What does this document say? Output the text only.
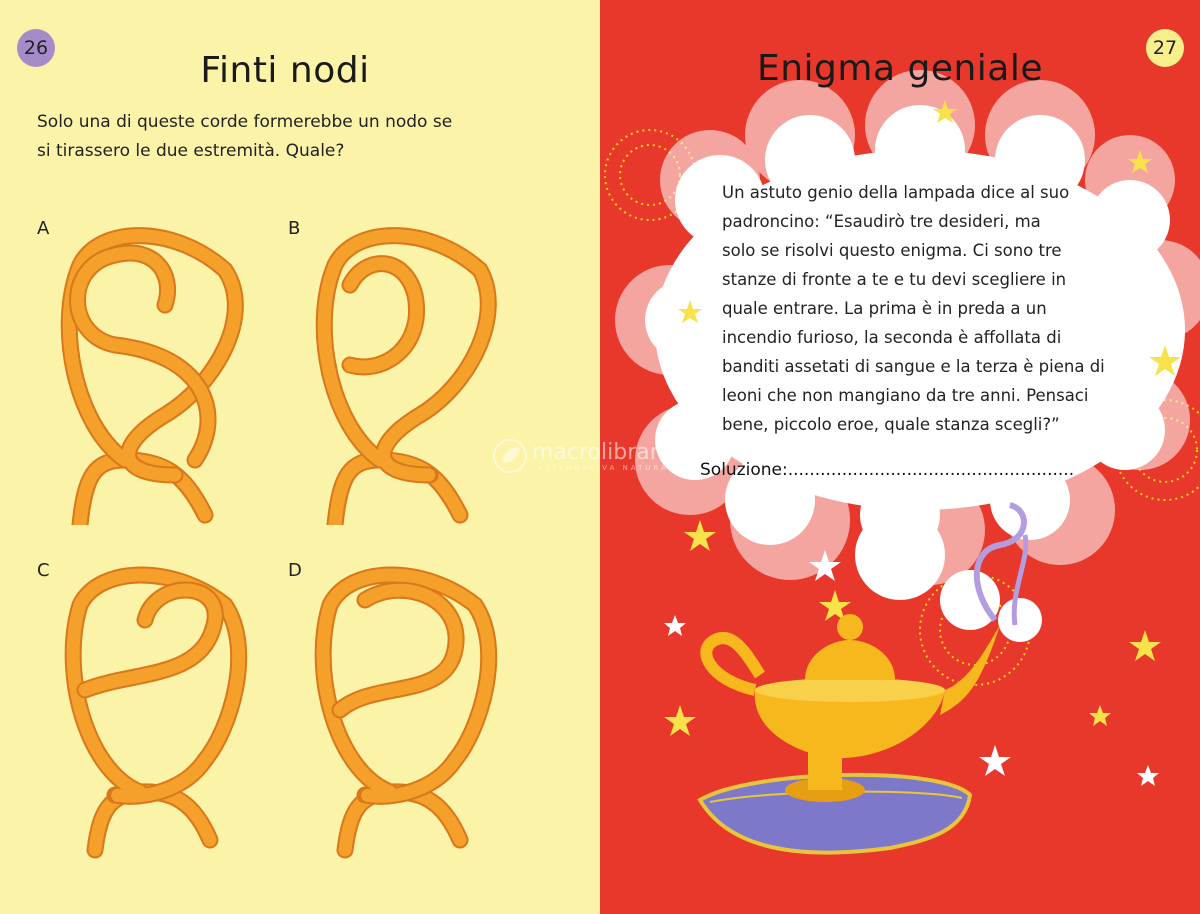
26
Finti nodi
Solo una di queste corde formerebbe un nodo se
si tirassero le due estremità. Quale?
A	B
C	D
27
Enigma geniale
Un astuto genio della lampada dice al suo
padroncino: “Esaudirò tre desideri, ma
solo se risolvi questo enigma. Ci sono tre
stanze di fronte a te e tu devi scegliere in
quale entrare. La prima è in preda a un
incendio furioso, la seconda è affollata di
banditi assetati di sangue e la terza è piena di
leoni che non mangiano da tre anni. Pensaci
bene, piccolo eroe, quale stanza scegli?”
Soluzione:.....................................................
macrolibrarsi
ALTERNATIVA NATURALE
